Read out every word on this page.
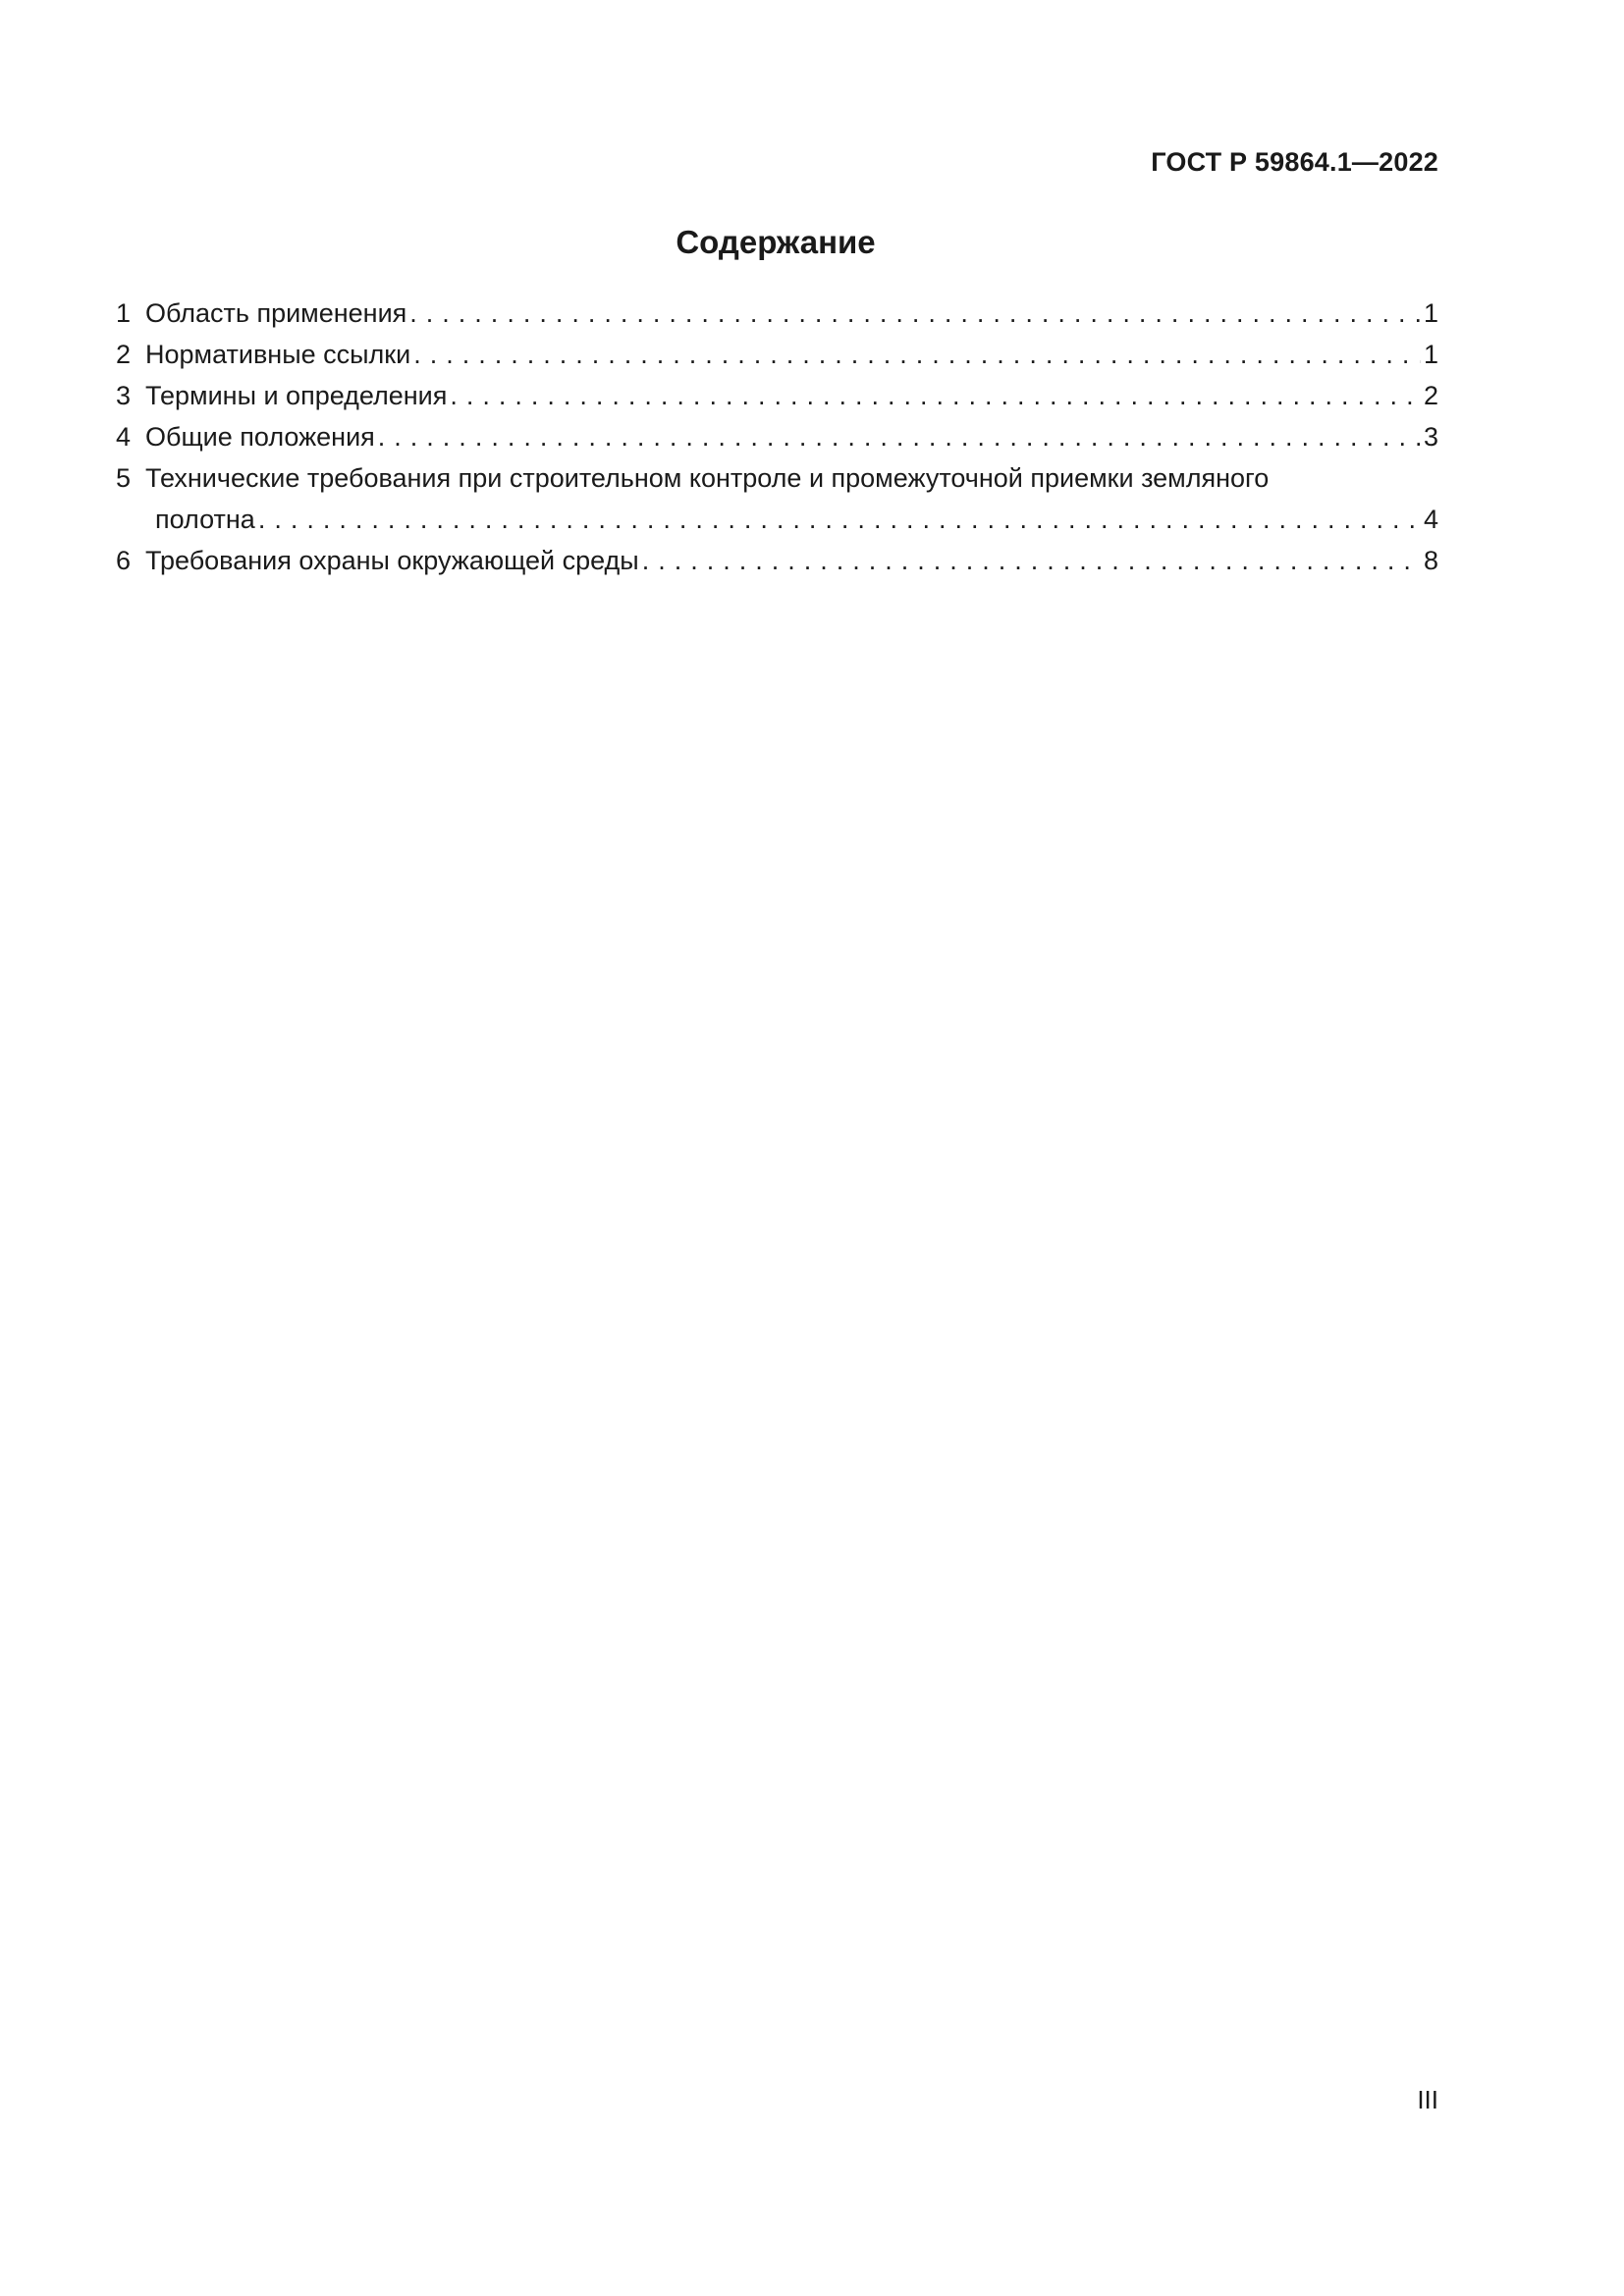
ГОСТ Р 59864.1—2022
Содержание
1 Область применения . . .	1
2 Нормативные ссылки . . .	1
3 Термины и определения . . .	2
4 Общие положения . . .	3
5 Технические требования при строительном контроле и промежуточной приемки земляного
полотна . . .	4
6 Требования охраны окружающей среды . . .	8
III
